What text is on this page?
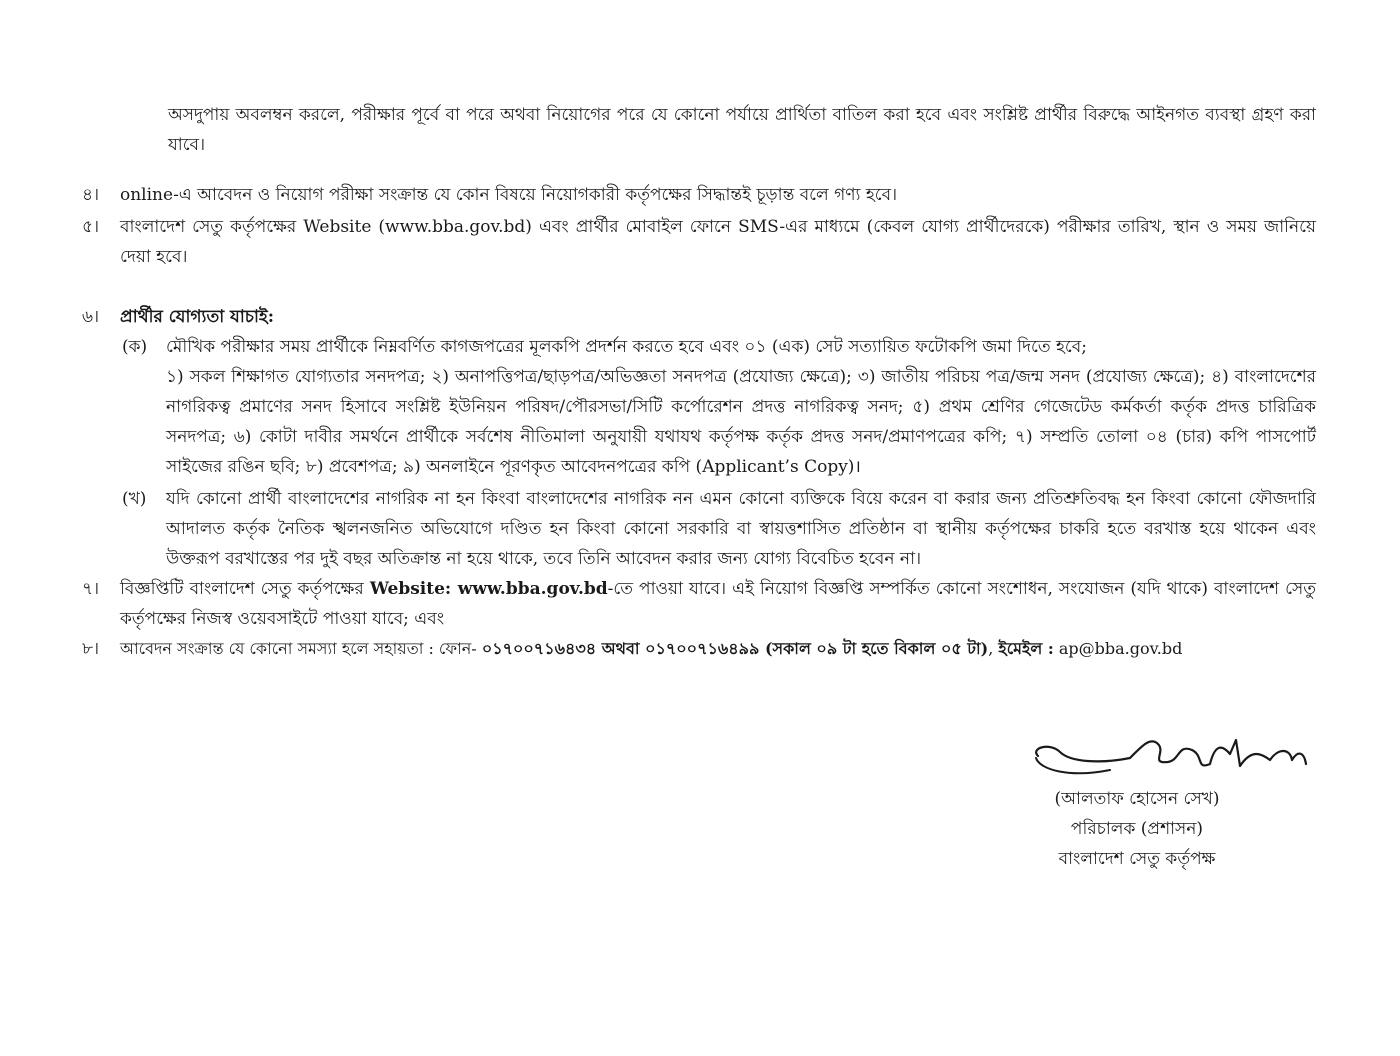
অসদুপায় অবলম্বন করলে, পরীক্ষার পূর্বে বা পরে অথবা নিয়োগের পরে যে কোনো পর্যায়ে প্রার্থিতা বাতিল করা হবে এবং সংশ্লিষ্ট প্রার্থীর বিরুদ্ধে আইনগত ব্যবস্থা গ্রহণ করা যাবে।
৪।	online-এ আবেদন ও নিয়োগ পরীক্ষা সংক্রান্ত যে কোন বিষয়ে নিয়োগকারী কর্তৃপক্ষের সিদ্ধান্তই চূড়ান্ত বলে গণ্য হবে।
৫।	বাংলাদেশ সেতু কর্তৃপক্ষের Website (www.bba.gov.bd) এবং প্রার্থীর মোবাইল ফোনে SMS-এর মাধ্যমে (কেবল যোগ্য প্রার্থীদেরকে) পরীক্ষার তারিখ, স্থান ও সময় জানিয়ে দেয়া হবে।
৬।	প্রার্থীর যোগ্যতা যাচাই:
(ক)	মৌখিক পরীক্ষার সময় প্রার্থীকে নিম্নবর্ণিত কাগজপত্রের মূলকপি প্রদর্শন করতে হবে এবং ০১ (এক) সেট সত্যায়িত ফটোকপি জমা দিতে হবে;
১) সকল শিক্ষাগত যোগ্যতার সনদপত্র; ২) অনাপত্তিপত্র/ছাড়পত্র/অভিজ্ঞতা সনদপত্র (প্রযোজ্য ক্ষেত্রে); ৩) জাতীয় পরিচয় পত্র/জন্ম সনদ (প্রযোজ্য ক্ষেত্রে); ৪) বাংলাদেশের নাগরিকত্ব প্রমাণের সনদ হিসাবে সংশ্লিষ্ট ইউনিয়ন পরিষদ/পৌরসভা/সিটি কর্পোরেশন প্রদত্ত নাগরিকত্ব সনদ; ৫) প্রথম শ্রেণির গেজেটেড কর্মকর্তা কর্তৃক প্রদত্ত চারিত্রিক সনদপত্র; ৬) কোটা দাবীর সমর্থনে প্রার্থীকে সর্বশেষ নীতিমালা অনুযায়ী যথাযথ কর্তৃপক্ষ কর্তৃক প্রদত্ত সনদ/প্রমাণপত্রের কপি; ৭) সম্প্রতি তোলা ০৪ (চার) কপি পাসপোর্ট সাইজের রঙিন ছবি; ৮) প্রবেশপত্র; ৯) অনলাইনে পূরণকৃত আবেদনপত্রের কপি (Applicant’s Copy)।
(খ)	যদি কোনো প্রার্থী বাংলাদেশের নাগরিক না হন কিংবা বাংলাদেশের নাগরিক নন এমন কোনো ব্যক্তিকে বিয়ে করেন বা করার জন্য প্রতিশ্রুতিবদ্ধ হন কিংবা কোনো ফৌজদারি আদালত কর্তৃক নৈতিক স্খলনজনিত অভিযোগে দণ্ডিত হন কিংবা কোনো সরকারি বা স্বায়ত্তশাসিত প্রতিষ্ঠান বা স্থানীয় কর্তৃপক্ষের চাকরি হতে বরখাস্ত হয়ে থাকেন এবং উক্তরূপ বরখাস্তের পর দুই বছর অতিক্রান্ত না হয়ে থাকে, তবে তিনি আবেদন করার জন্য যোগ্য বিবেচিত হবেন না।
৭।	বিজ্ঞপ্তিটি বাংলাদেশ সেতু কর্তৃপক্ষের Website: www.bba.gov.bd-তে পাওয়া যাবে। এই নিয়োগ বিজ্ঞপ্তি সম্পর্কিত কোনো সংশোধন, সংযোজন (যদি থাকে) বাংলাদেশ সেতু কর্তৃপক্ষের নিজস্ব ওয়েবসাইটে পাওয়া যাবে; এবং
৮।	আবেদন সংক্রান্ত যে কোনো সমস্যা হলে সহায়তা : ফোন- ০১৭০০৭১৬৪৩৪ অথবা ০১৭০০৭১৬৪৯৯ (সকাল ০৯ টা হতে বিকাল ০৫ টা), ইমেইল : ap@bba.gov.bd
(আলতাফ হোসেন সেখ)
পরিচালক (প্রশাসন)
বাংলাদেশ সেতু কর্তৃপক্ষ
